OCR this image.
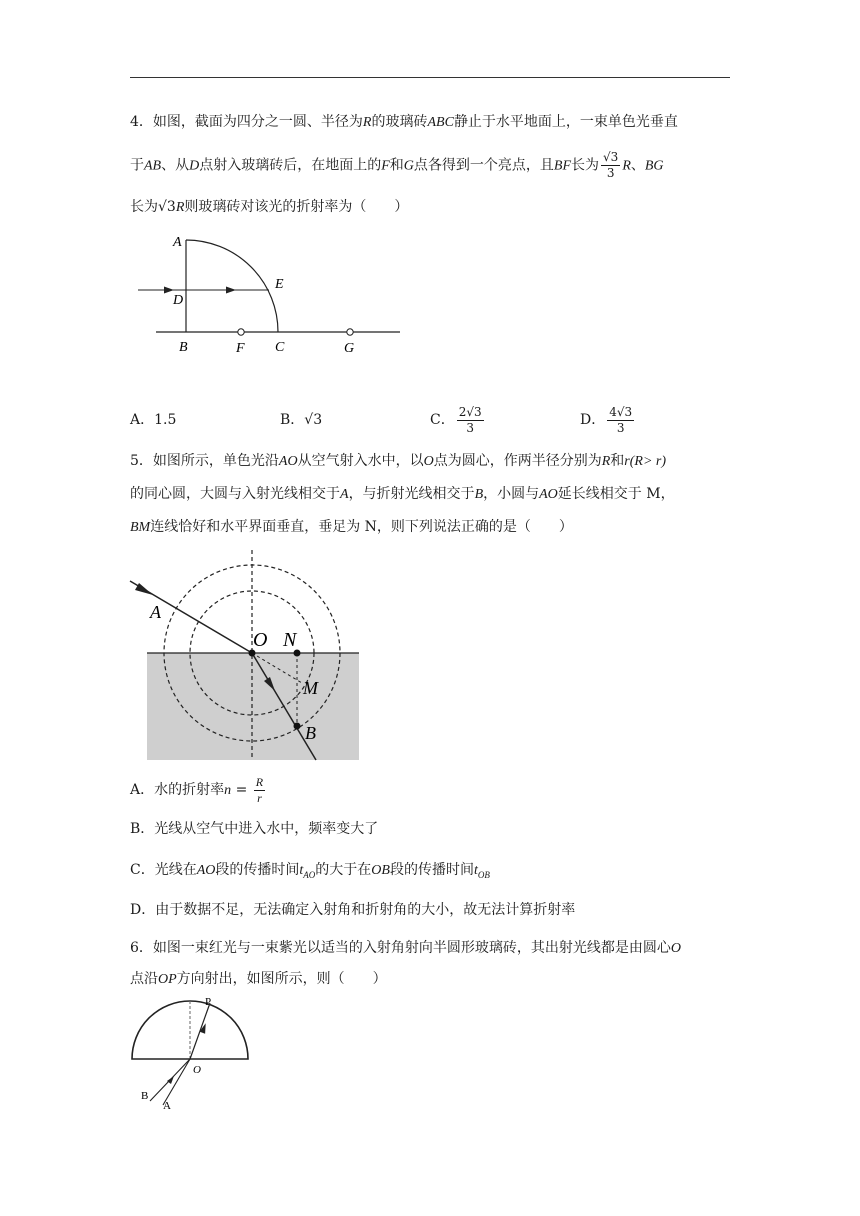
4．如图，截面为四分之一圆、半径为R的玻璃砖ABC静止于水平地面上，一束单色光垂直
于AB、从D点射入玻璃砖后，在地面上的F和G点各得到一个亮点，且BF长为 $\frac{√3}{3}$ R、BG
长为√3R则玻璃砖对该光的折射率为（　　）
A
D
E
B	F C	G
A．1.5	B．√3	C． $\frac{2√3}{3}$	D． $\frac{4√3}{3}$
5．如图所示，单色光沿AO从空气射入水中，以O点为圆心，作两半径分别为R和r(R> r)
的同心圆，大圆与入射光线相交于A，与折射光线相交于B，小圆与AO延长线相交于 M，
BM连线恰好和水平界面垂直，垂足为 N，则下列说法正确的是（　　）
A
O N
M
B
A．水的折射率$n = \frac{R}{r}$
B．光线从空气中进入水中，频率变大了
C．光线在AO段的传播时间$t_{AO}$的大于在OB段的传播时间$t_{OB}$
D．由于数据不足，无法确定入射角和折射角的大小，故无法计算折射率
6．如图一束红光与一束紫光以适当的入射角射向半圆形玻璃砖，其出射光线都是由圆心O
点沿OP方向射出，如图所示，则（　　）
P
O
B
A
